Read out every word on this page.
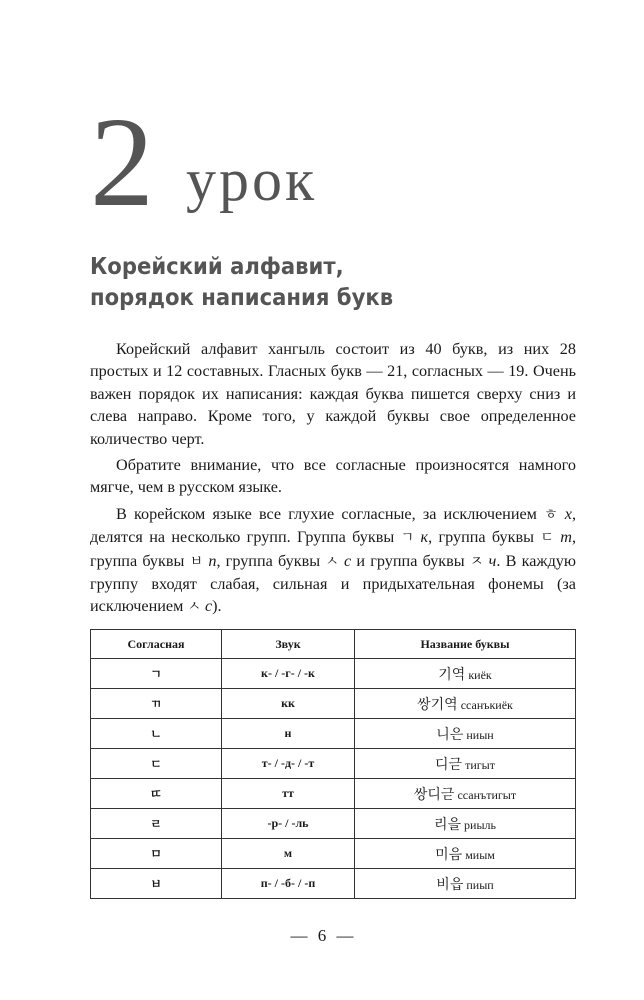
2 урок
Корейский алфавит,
порядок написания букв

Корейский алфавит хангыль состоит из 40 букв, из них 28 простых и 12 составных. Гласных букв — 21, согласных — 19. Очень важен порядок их написания: каждая буква пишется сверху сниз и слева направо. Кроме того, у каждой буквы свое определенное количество черт.

Обратите внимание, что все согласные произносятся намного мягче, чем в русском языке.

В корейском языке все глухие согласные, за исключением ㅎ х, делятся на несколько групп. Группа буквы ㄱ к, группа буквы ㄷ т, группа буквы ㅂ п, группа буквы ㅅ с и группа буквы ㅈ ч. В каждую группу входят слабая, сильная и придыхательная фонемы (за исключением ㅅ с).

Согласная	Звук	Название буквы
ㄱ	к- / -г- / -к	기역 киёк
ㄲ	кк	쌍기역 ссанъкиёк
ㄴ	н	니은 ниын
ㄷ	т- / -д- / -т	디귿 тигыт
ㄸ	тт	쌍디귿 ссанътигыт
ㄹ	-р- / -ль	리을 риыль
ㅁ	м	미음 миым
ㅂ	п- / -б- / -п	비읍 пиып
— 6 —
